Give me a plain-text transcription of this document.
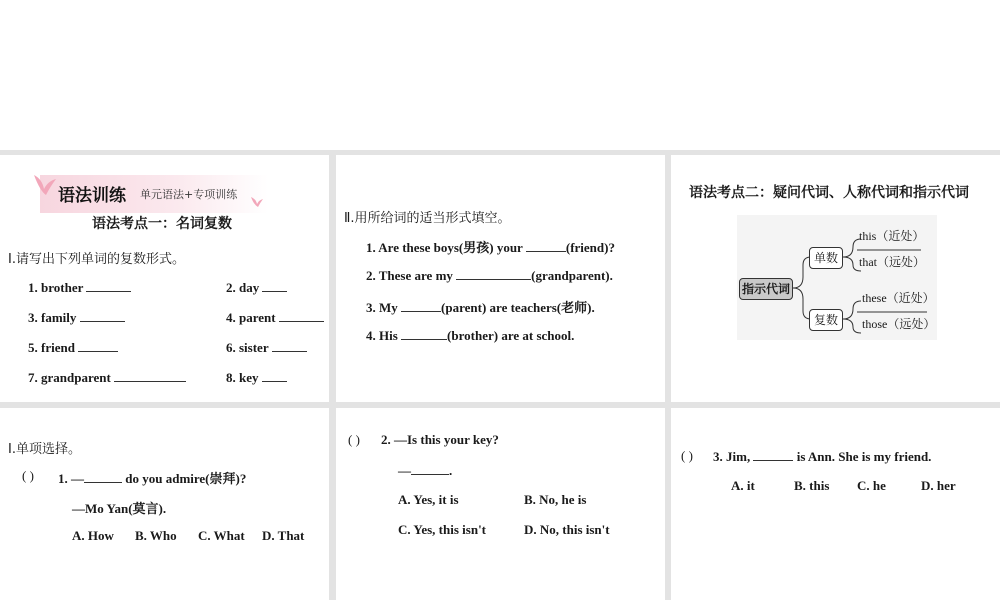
语法训练 单元语法+专项训练
语法考点一：名词复数
Ⅰ.请写出下列单词的复数形式。
1. brother	2. day
3. family	4. parent
5. friend	6. sister
7. grandparent	8. key
Ⅱ.用所给词的适当形式填空。
1. Are these boys(男孩) your	(friend)?
2. These are my	(grandparent).
3. My	(parent) are teachers(老师).
4. His	(brother) are at school.
语法考点二：疑问代词、人称代词和指示代词
指示代词
单数
复数
this（近处）
that（远处）
these（近处）
those（远处）
Ⅰ.单项选择。
( ) 1. —	do you admire(崇拜)?
—Mo Yan(莫言).
A. How B. Who C. What D. That
( ) 2. —Is this your key?
—	.
A. Yes, it is	B. No, he is
C. Yes, this isn't	D. No, this isn't
( ) 3. Jim,	is Ann. She is my friend.
A. it	B. this C. he	D. her
